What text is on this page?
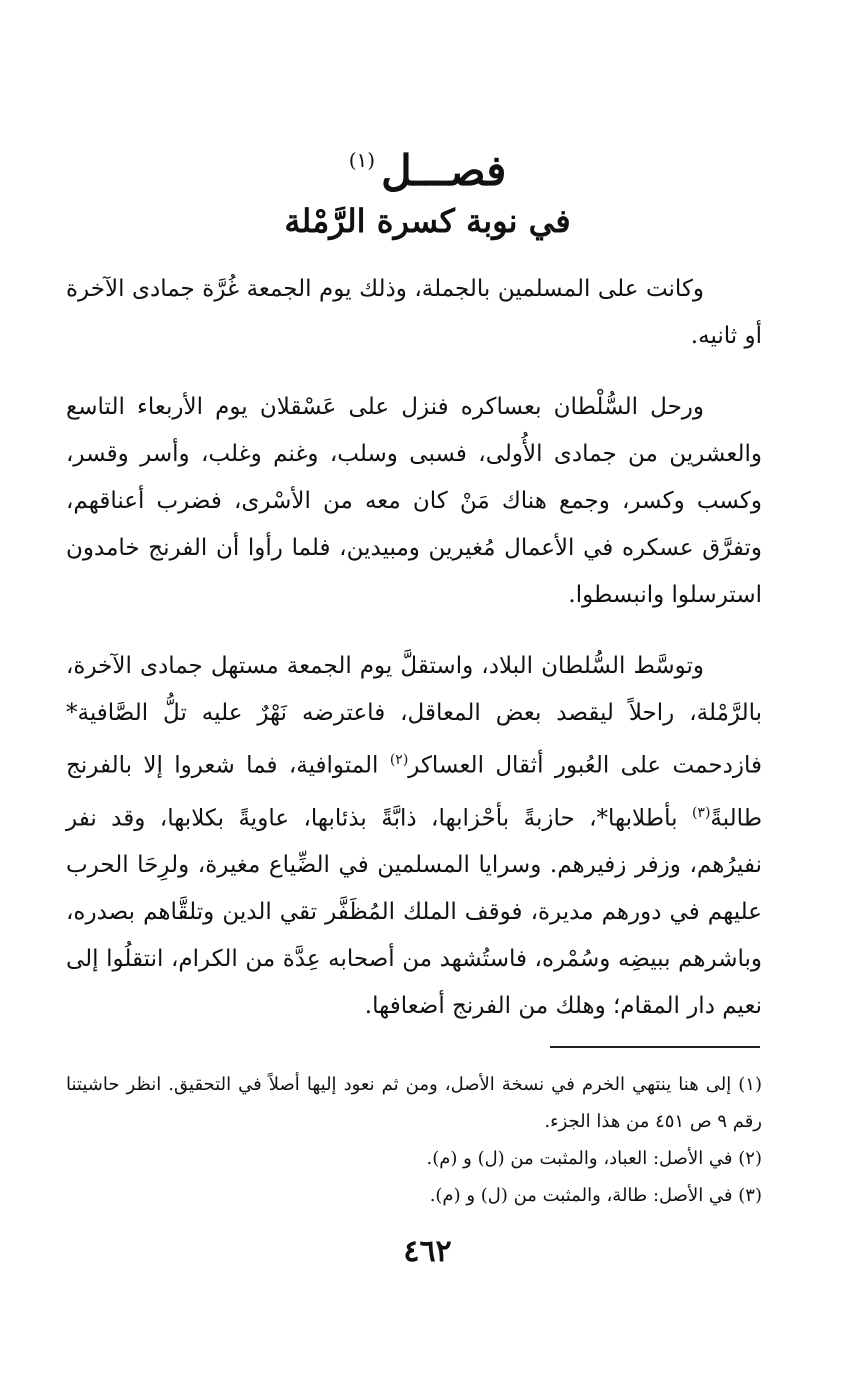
فصـــل$^{(١)}$
في نوبة كسرة الرَّمْلة

وكانت على المسلمين بالجملة، وذلك يوم الجمعة غُرَّة جمادى الآخرة أو ثانيه.

ورحل السُّلْطان بعساكره فنزل على عَسْقلان يوم الأربعاء التاسع والعشرين من جمادى الأُولى، فسبى وسلب، وغنم وغلب، وأسر وقسر، وكسب وكسر، وجمع هناك مَنْ كان معه من الأسْرى، فضرب أعناقهم، وتفرَّق عسكره في الأعمال مُغيرين ومبيدين، فلما رأوا أن الفرنج خامدون استرسلوا وانبسطوا.

وتوسَّط السُّلطان البلاد، واستقلَّ يوم الجمعة مستهل جمادى الآخرة، بالرَّمْلة، راحلاً ليقصد بعض المعاقل، فاعترضه نَهْرٌ عليه تلُّ الصَّافية* فازدحمت على العُبور أثقال العساكر$^{(٢)}$ المتوافية، فما شعروا إلا بالفرنج طالبةً$^{(٣)}$ بأطلابها*، حازبةً بأحْزابها، ذابَّةً بذئابها، عاويةً بكلابها، وقد نفر نفيرُهم، وزفر زفيرهم. وسرايا المسلمين في الضِّياع مغيرة، ولرِحَا الحرب عليهم في دورهم مديرة، فوقف الملك المُظَفَّر تقي الدين وتلقَّاهم بصدره، وباشرهم ببيضِه وسُمْره، فاستُشهد من أصحابه عِدَّة من الكرام، انتقلُوا إلى نعيم دار المقام؛ وهلك من الفرنج أضعافها.

(١) إلى هنا ينتهي الخرم في نسخة الأصل، ومن ثم نعود إليها أصلاً في التحقيق. انظر حاشيتنا رقم ٩ ص ٤٥١ من هذا الجزء.

(٢) في الأصل: العباد، والمثبت من (ل) و (م).

(٣) في الأصل: طالة، والمثبت من (ل) و (م).

٤٦٢
